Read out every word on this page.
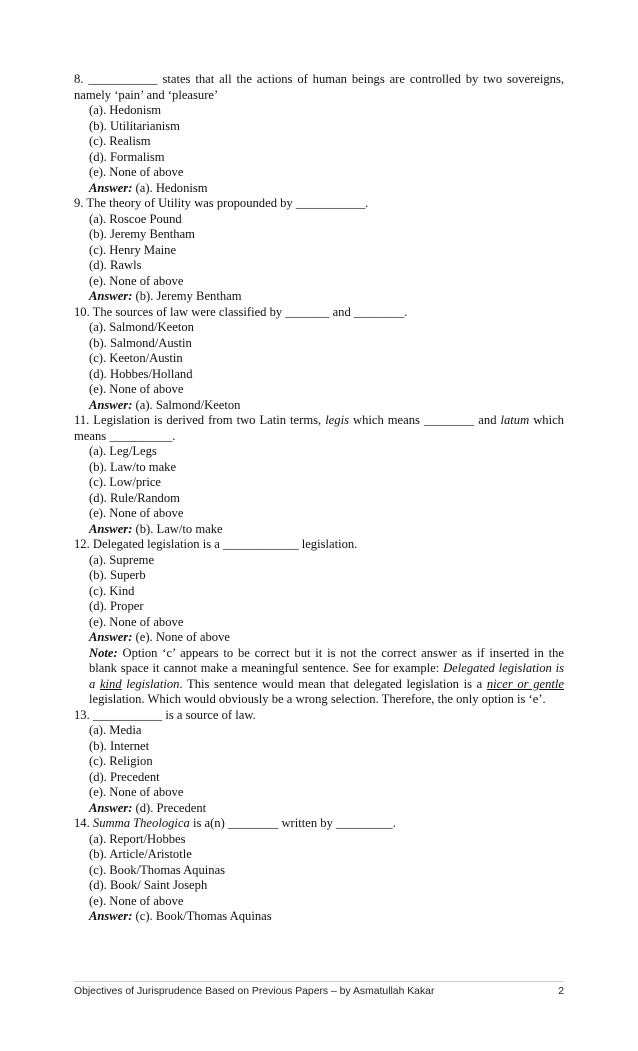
8. ___________ states that all the actions of human beings are controlled by two sovereigns, namely ‘pain’ and ‘pleasure’

(a). Hedonism
(b). Utilitarianism
(c). Realism
(d). Formalism
(e). None of above
Answer: (a). Hedonism

9. The theory of Utility was propounded by ___________.

(a). Roscoe Pound
(b). Jeremy Bentham
(c). Henry Maine
(d). Rawls
(e). None of above
Answer: (b). Jeremy Bentham

10. The sources of law were classified by _______ and ________.

(a). Salmond/Keeton
(b). Salmond/Austin
(c). Keeton/Austin
(d). Hobbes/Holland
(e). None of above
Answer: (a). Salmond/Keeton

11. Legislation is derived from two Latin terms, legis which means ________ and latum which means __________.

(a). Leg/Legs
(b). Law/to make
(c). Low/price
(d). Rule/Random
(e). None of above
Answer: (b). Law/to make

12. Delegated legislation is a ____________ legislation.

(a). Supreme
(b). Superb
(c). Kind
(d). Proper
(e). None of above
Answer: (e). None of above

Note: Option ‘c’ appears to be correct but it is not the correct answer as if inserted in the blank space it cannot make a meaningful sentence. See for example: Delegated legislation is a kind legislation. This sentence would mean that delegated legislation is a nicer or gentle legislation. Which would obviously be a wrong selection. Therefore, the only option is ‘e’.

13. ___________ is a source of law.

(a). Media
(b). Internet
(c). Religion
(d). Precedent
(e). None of above
Answer: (d). Precedent

14. Summa Theologica is a(n) ________ written by _________.

(a). Report/Hobbes
(b). Article/Aristotle
(c). Book/Thomas Aquinas
(d). Book/ Saint Joseph
(e). None of above
Answer: (c). Book/Thomas Aquinas
Objectives of Jurisprudence Based on Previous Papers – by Asmatullah Kakar	2
